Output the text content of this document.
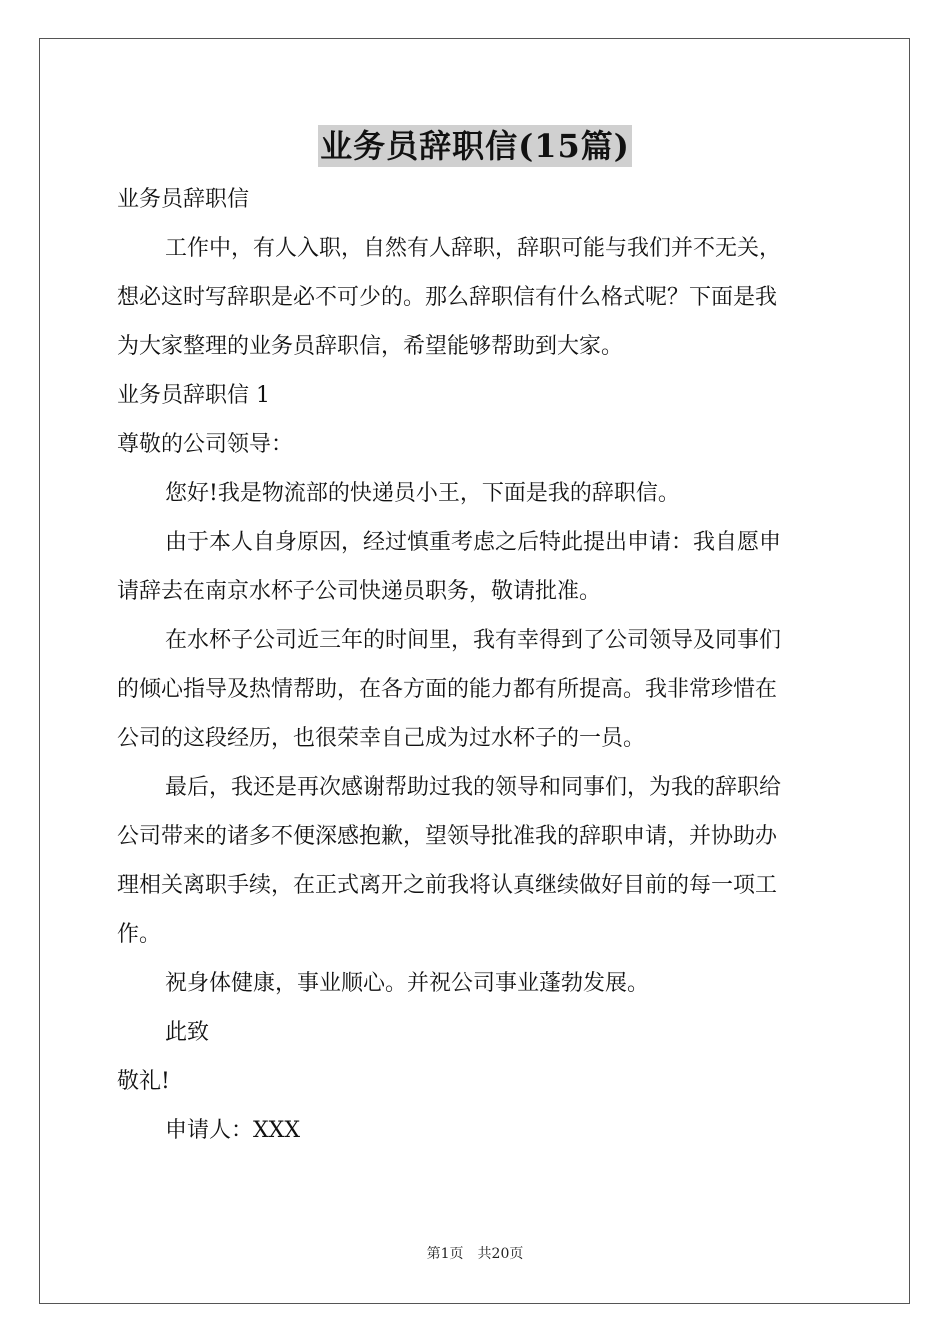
业务员辞职信(15篇)
业务员辞职信
工作中，有人入职，自然有人辞职，辞职可能与我们并不无关，
想必这时写辞职是必不可少的。那么辞职信有什么格式呢？下面是我
为大家整理的业务员辞职信，希望能够帮助到大家。
业务员辞职信 1
尊敬的公司领导：
您好!我是物流部的快递员小王，下面是我的辞职信。
由于本人自身原因，经过慎重考虑之后特此提出申请：我自愿申
请辞去在南京水杯子公司快递员职务，敬请批准。
在水杯子公司近三年的时间里，我有幸得到了公司领导及同事们
的倾心指导及热情帮助，在各方面的能力都有所提高。我非常珍惜在
公司的这段经历，也很荣幸自己成为过水杯子的一员。
最后，我还是再次感谢帮助过我的领导和同事们，为我的辞职给
公司带来的诸多不便深感抱歉，望领导批准我的辞职申请，并协助办
理相关离职手续，在正式离开之前我将认真继续做好目前的每一项工
作。
祝身体健康，事业顺心。并祝公司事业蓬勃发展。
此致
敬礼!
申请人：XXX
第1页 共20页
